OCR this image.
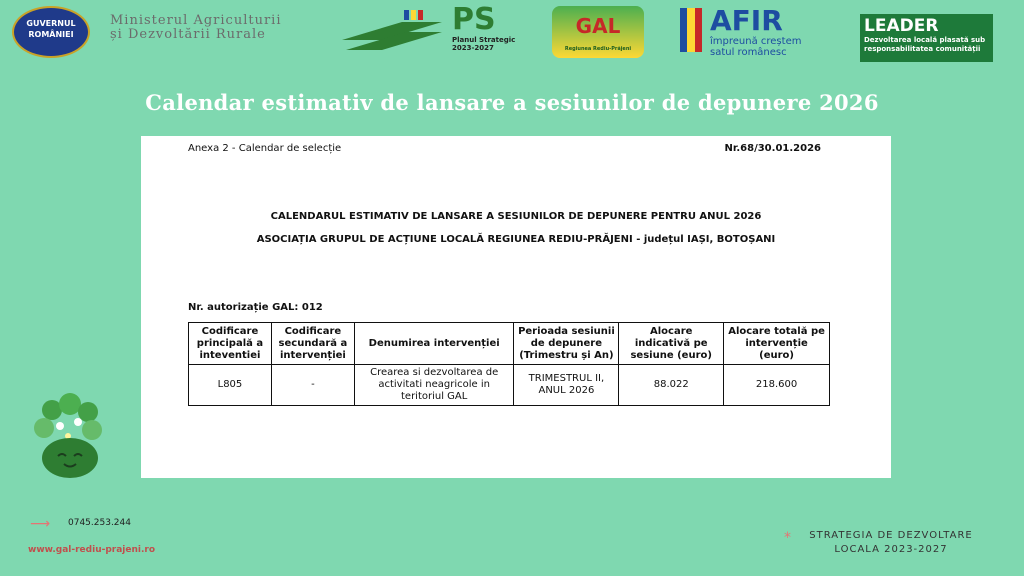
GUVERNUL ROMÂNIEI
Ministerul Agriculturii
și Dezvoltării Rurale	PS
Planul Strategic
2023-2027
GAL
Regiunea Rediu-Prăjeni
AFIR
împreună creștem
satul românesc
LEADER
Dezvoltarea locală plasată sub responsabilitatea comunității
Calendar estimativ de lansare a sesiunilor de depunere 2026
Anexa 2 - Calendar de selecție	Nr.68/30.01.2026
CALENDARUL ESTIMATIV DE LANSARE A SESIUNILOR DE DEPUNERE PENTRU ANUL 2026
ASOCIAȚIA GRUPUL DE ACȚIUNE LOCALĂ REGIUNEA REDIU-PRĂJENI - județul IAȘI, BOTOȘANI
Nr. autorizație GAL: 012
Codificare principală a inteventiei	Codificare secundară a intervenției	Denumirea intervenției	Perioada sesiunii de depunere (Trimestru și An)	Alocare indicativă pe sesiune (euro)	Alocare totală pe intervenție (euro)
L805	-	Crearea si dezvoltarea de activitati neagricole in teritoriul GAL	TRIMESTRUL II, ANUL 2026	88.022	218.600
⟶ 0745.253.244
www.gal-rediu-prajeni.ro
*	STRATEGIA DE DEZVOLTARE
LOCALA 2023-2027
